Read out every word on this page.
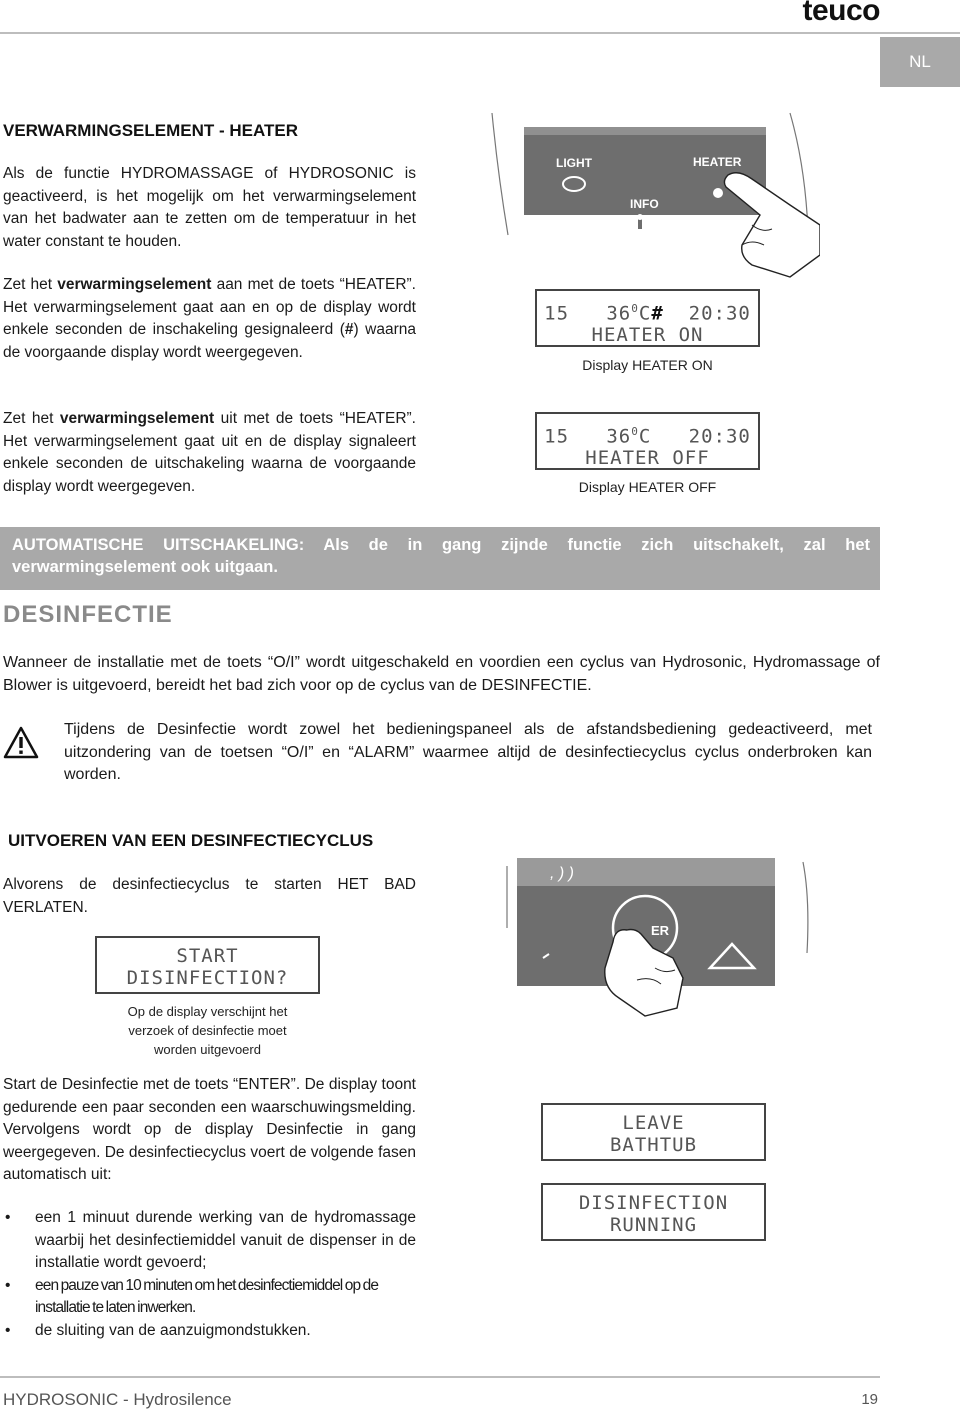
teuco
NL
VERWARMINGSELEMENT - HEATER
Als de functie HYDROMASSAGE of HYDROSONIC is geactiveerd, is het mogelijk om het verwarmingselement van het badwater aan te zetten om de temperatuur in het water constant te houden.
Zet het verwarmingselement aan met de toets “HEATER”. Het verwarmingselement gaat aan en op de display wordt enkele seconden de inschakeling gesignaleerd (#) waarna de voorgaande display wordt weergegeven.
Zet het verwarmingselement uit met de toets “HEATER”. Het verwarmingselement gaat uit en de display signaleert enkele seconden de uitschakeling waarna de voorgaande display wordt weergegeven.
LIGHT
INFO
HEATER
15   $36^0C\#$  20:30
HEATER ON
Display HEATER ON
15   $36^0C$   20:30
HEATER OFF
Display HEATER OFF
AUTOMATISCHE UITSCHAKELING: Als de in gang zijnde functie zich uitschakelt, zal het verwarmingselement ook uitgaan.
DESINFECTIE
Wanneer de installatie met de toets “O/I” wordt uitgeschakeld en voordien een cyclus van Hydrosonic, Hydromassage of Blower is uitgevoerd, bereidt het bad zich voor op de cyclus van de DESINFECTIE.
Tijdens de Desinfectie wordt zowel het bedieningspaneel als de afstandsbediening gedeactiveerd, met uitzondering van de toetsen “O/I” en “ALARM” waarmee altijd de desinfectiecyclus cyclus onderbroken kan worden.
UITVOEREN VAN EEN DESINFECTIECYCLUS
Alvorens de desinfectiecyclus te starten HET BAD VERLATEN.
START
DISINFECTION?
Op de display verschijnt het verzoek of desinfectie moet worden uitgevoerd
, ) )
ER
Start de Desinfectie met de toets “ENTER”. De display toont gedurende een paar seconden een waarschuwingsmelding. Vervolgens wordt op de display Desinfectie in gang weergegeven. De desinfectiecyclus voert de volgende fasen automatisch uit:
• een 1 minuut durende werking van de hydromassage waarbij het desinfectiemiddel vanuit de dispenser in de installatie wordt gevoerd;
• een pauze van 10 minuten om het desinfectiemiddel op de installatie te laten inwerken.
• de sluiting van de aanzuigmondstukken.
LEAVE
BATHTUB
DISINFECTION
RUNNING
HYDROSONIC - Hydrosilence	19
